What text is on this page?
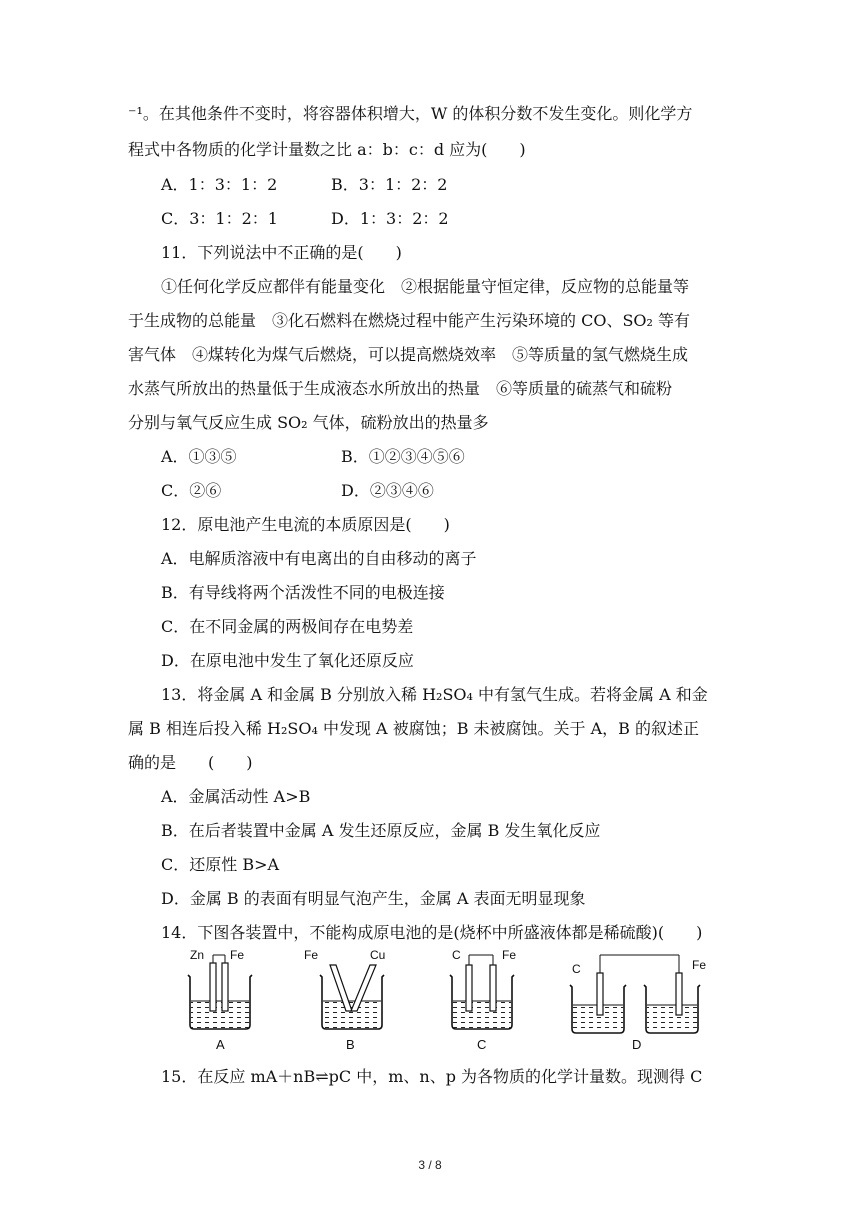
⁻¹。在其他条件不变时，将容器体积增大，W 的体积分数不发生变化。则化学方
程式中各物质的化学计量数之比 a：b：c：d 应为(　　)
A．1：3：1：2	B．3：1：2：2
C．3：1：2：1	D．1：3：2：2
11．下列说法中不正确的是(　　)
①任何化学反应都伴有能量变化　②根据能量守恒定律，反应物的总能量等
于生成物的总能量　③化石燃料在燃烧过程中能产生污染环境的 CO、SO₂ 等有
害气体　④煤转化为煤气后燃烧，可以提高燃烧效率　⑤等质量的氢气燃烧生成
水蒸气所放出的热量低于生成液态水所放出的热量　⑥等质量的硫蒸气和硫粉
分别与氧气反应生成 SO₂ 气体，硫粉放出的热量多
A．①③⑤	B．①②③④⑤⑥
C．②⑥	D．②③④⑥
12．原电池产生电流的本质原因是(　　)
A．电解质溶液中有电离出的自由移动的离子
B．有导线将两个活泼性不同的电极连接
C．在不同金属的两极间存在电势差
D．在原电池中发生了氧化还原反应
13．将金属 A 和金属 B 分别放入稀 H₂SO₄ 中有氢气生成。若将金属 A 和金
属 B 相连后投入稀 H₂SO₄ 中发现 A 被腐蚀；B 未被腐蚀。关于 A，B 的叙述正
确的是　　(　　)
A．金属活动性 A>B
B．在后者装置中金属 A 发生还原反应，金属 B 发生氧化反应
C．还原性 B>A
D．金属 B 的表面有明显气泡产生，金属 A 表面无明显现象
14．下图各装置中，不能构成原电池的是(烧杯中所盛液体都是稀硫酸)(　　)
Zn Fe
A
Fe	Cu
B
C	Fe
C
C	Fe
D
15．在反应 mA＋nB⇌pC 中，m、n、p 为各物质的化学计量数。现测得 C
3 / 8
